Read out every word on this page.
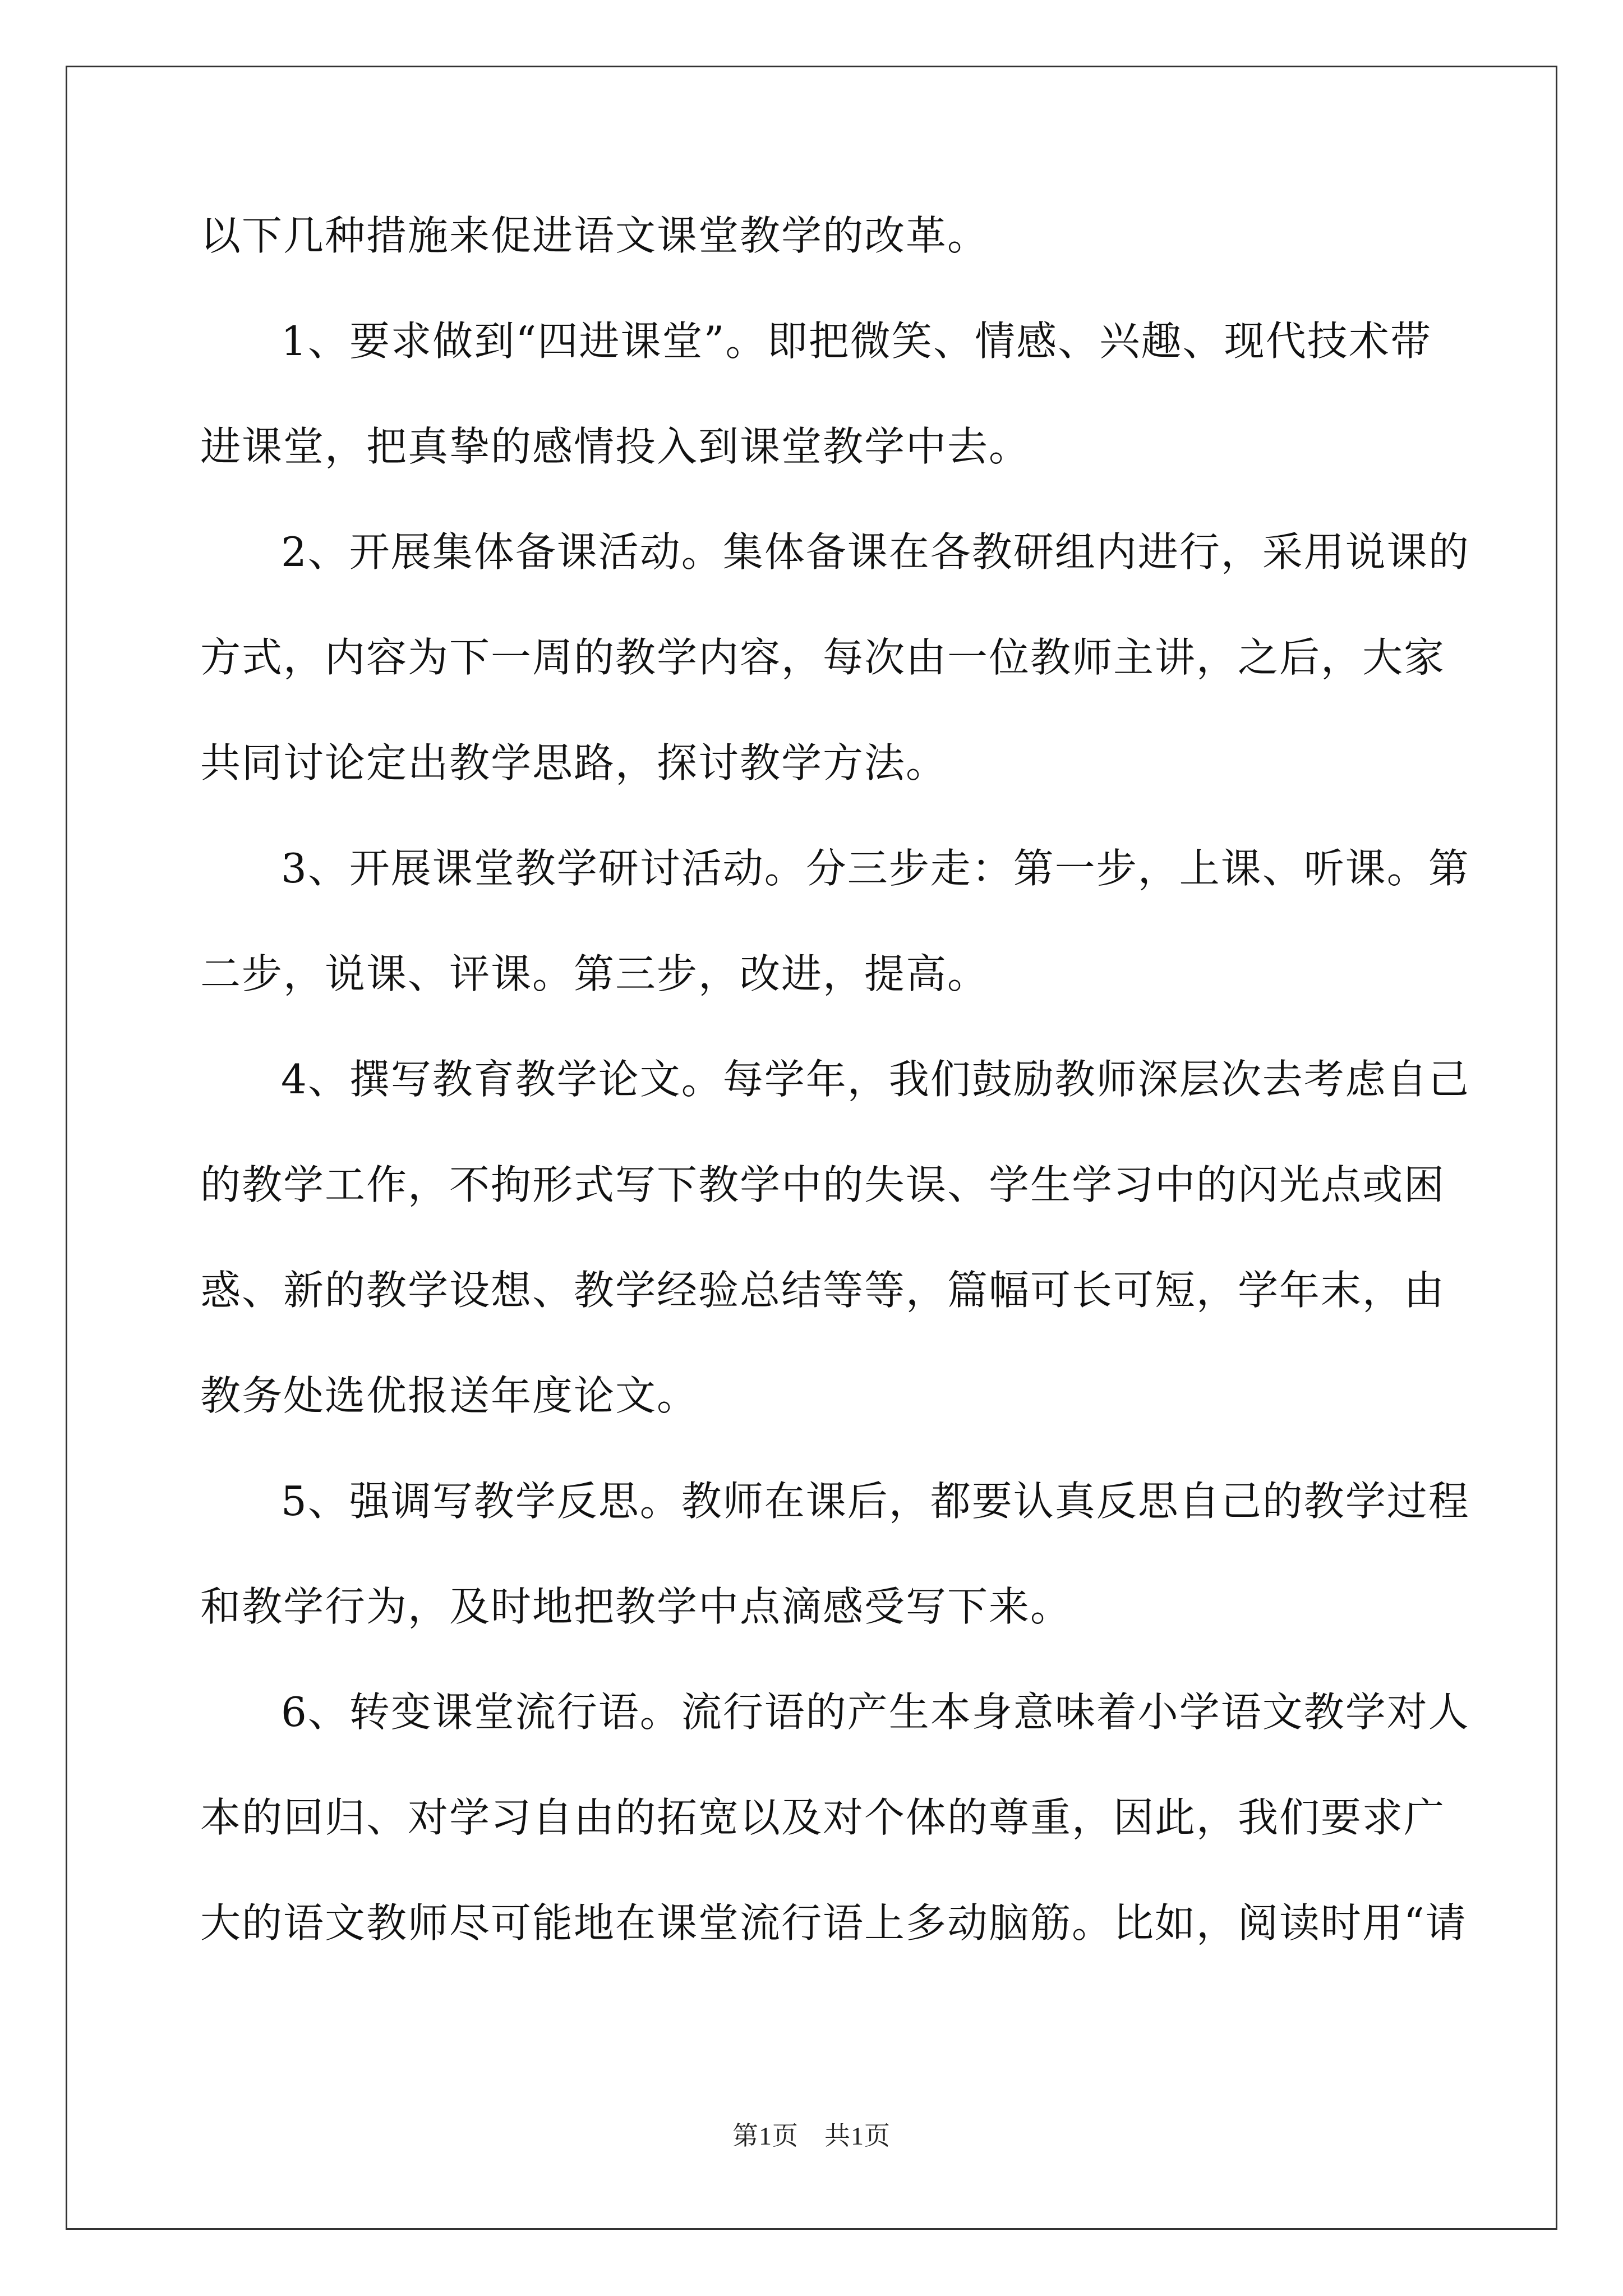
以下几种措施来促进语文课堂教学的改革。
1、要求做到“四进课堂”。即把微笑、情感、兴趣、现代技术带
进课堂，把真挚的感情投入到课堂教学中去。
2、开展集体备课活动。集体备课在各教研组内进行，采用说课的
方式，内容为下一周的教学内容，每次由一位教师主讲，之后，大家
共同讨论定出教学思路，探讨教学方法。
3、开展课堂教学研讨活动。分三步走：第一步，上课、听课。第
二步，说课、评课。第三步，改进，提高。
4、撰写教育教学论文。每学年，我们鼓励教师深层次去考虑自己
的教学工作，不拘形式写下教学中的失误、学生学习中的闪光点或困
惑、新的教学设想、教学经验总结等等，篇幅可长可短，学年末，由
教务处选优报送年度论文。
5、强调写教学反思。教师在课后，都要认真反思自己的教学过程
和教学行为，及时地把教学中点滴感受写下来。
6、转变课堂流行语。流行语的产生本身意味着小学语文教学对人
本的回归、对学习自由的拓宽以及对个体的尊重，因此，我们要求广
大的语文教师尽可能地在课堂流行语上多动脑筋。比如，阅读时用“请
第1页 共1页
